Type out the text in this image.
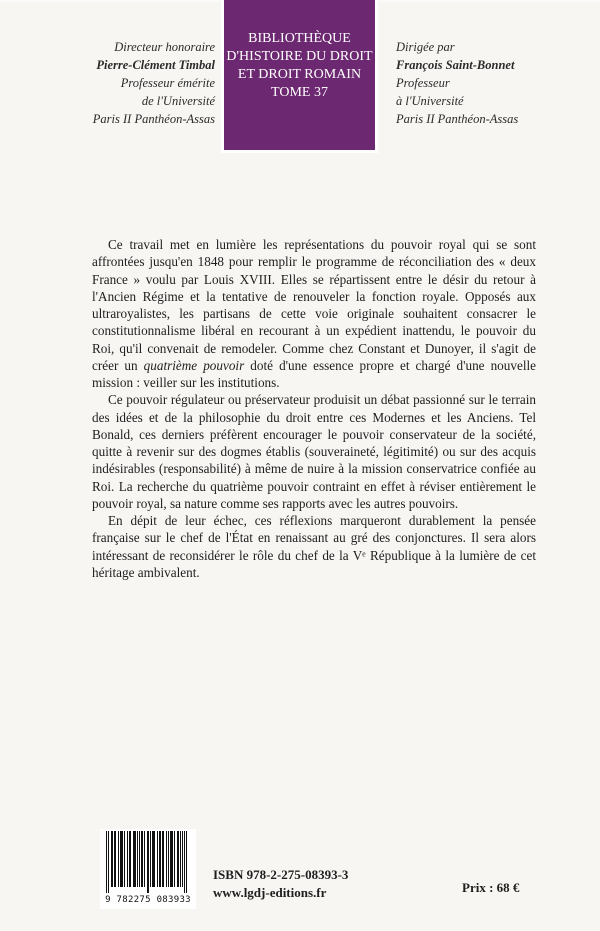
BIBLIOTHÈQUE
D'HISTOIRE DU DROIT
ET DROIT ROMAIN
TOME 37
Directeur honoraire
Pierre-Clément Timbal
Professeur émérite
de l'Université
Paris II Panthéon-Assas
Dirigée par
François Saint-Bonnet
Professeur
à l'Université
Paris II Panthéon-Assas

Ce travail met en lumière les représentations du pouvoir royal qui se sont affrontées jusqu'en 1848 pour remplir le programme de réconciliation des « deux France » voulu par Louis XVIII. Elles se répartissent entre le désir du retour à l'Ancien Régime et la tentative de renouveler la fonction royale. Opposés aux ultraroyalistes, les partisans de cette voie originale souhaitent consacrer le constitutionnalisme libéral en recourant à un expédient inattendu, le pouvoir du Roi, qu'il convenait de remodeler. Comme chez Constant et Dunoyer, il s'agit de créer un quatrième pouvoir doté d'une essence propre et chargé d'une nouvelle mission : veiller sur les institutions.

Ce pouvoir régulateur ou préservateur produisit un débat passionné sur le terrain des idées et de la philosophie du droit entre ces Modernes et les Anciens. Tel Bonald, ces derniers préfèrent encourager le pouvoir conservateur de la société, quitte à revenir sur des dogmes établis (souveraineté, légitimité) ou sur des acquis indésirables (responsabilité) à même de nuire à la mission conservatrice confiée au Roi. La recherche du quatrième pouvoir contraint en effet à réviser entièrement le pouvoir royal, sa nature comme ses rapports avec les autres pouvoirs.

En dépit de leur échec, ces réflexions marqueront durablement la pensée française sur le chef de l'État en renaissant au gré des conjonctures. Il sera alors intéressant de reconsidérer le rôle du chef de la Vᵉ République à la lumière de cet héritage ambivalent.

9 782275 083933
ISBN 978-2-275-08393-3
www.lgdj-editions.fr	Prix : 68 €
